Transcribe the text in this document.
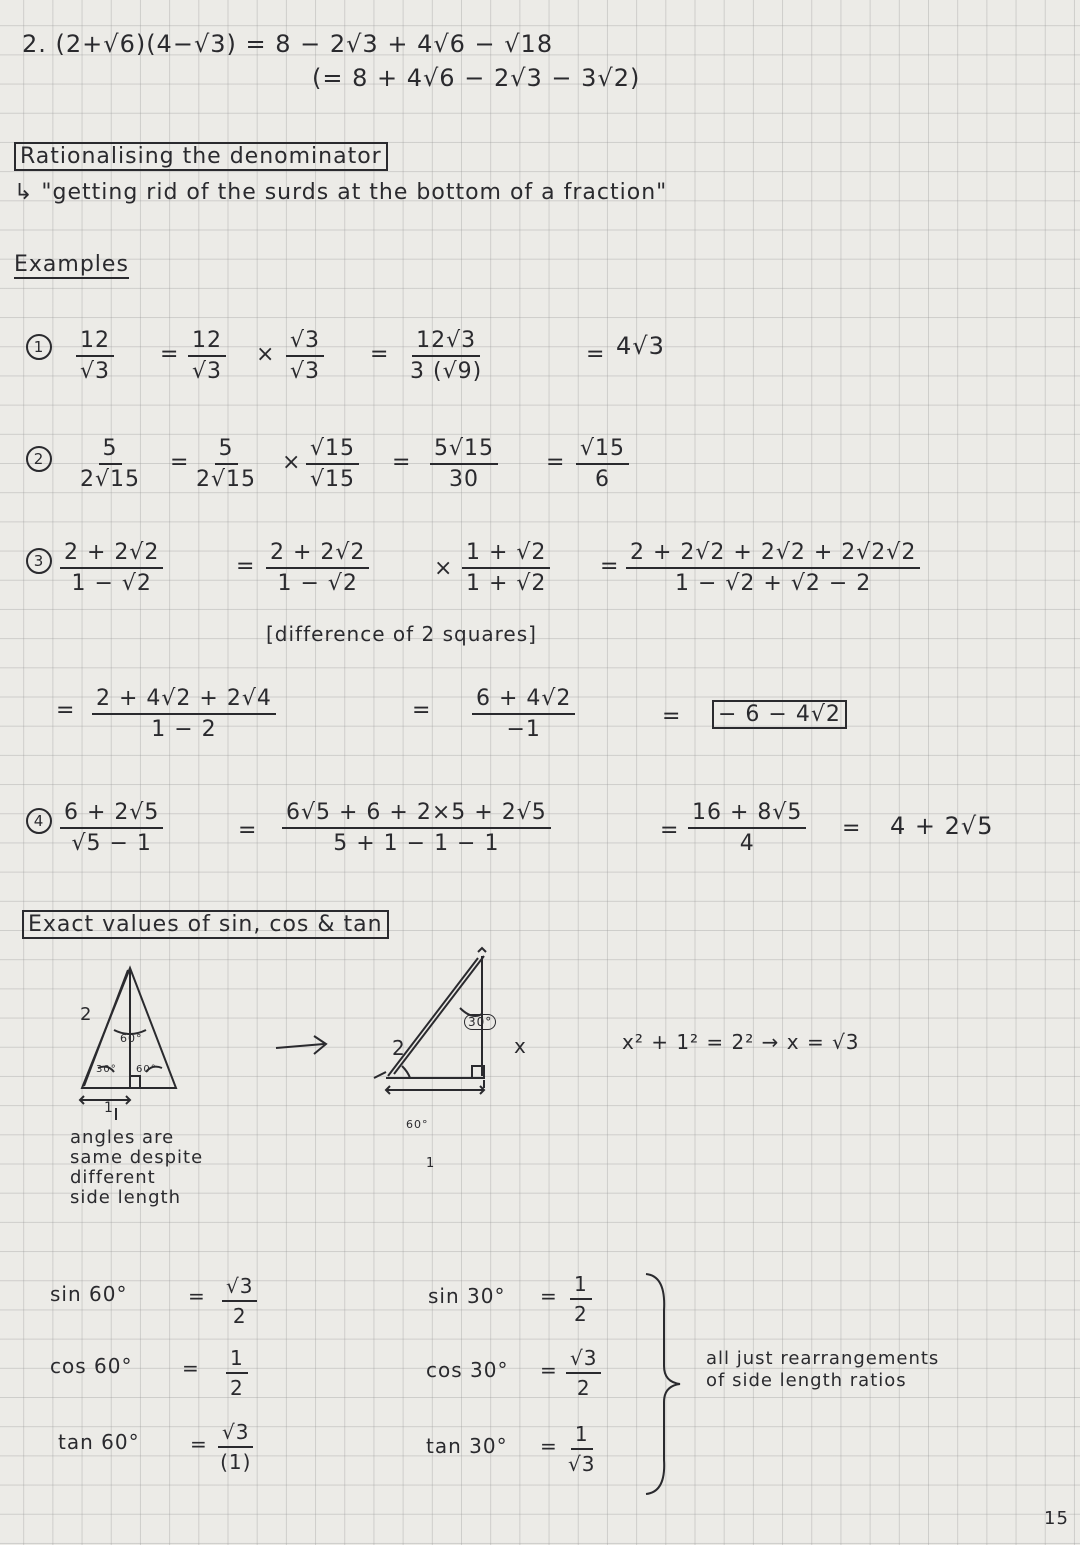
2. (2+√6)(4−√3) = 8 − 2√3 + 4√6 − √18
(= 8 + 4√6 − 2√3 − 3√2)
Rationalising the denominator
↳ "getting rid of the surds at the bottom of a fraction"
Examples
1	$\frac{12}{√3} = \frac{12}{√3} \times \frac{√3}{√3} = \frac{12√3}{3 (√9)}$	= 4√3
2	$\frac{5}{2√15} = \frac{5}{2√15} \times \frac{√15}{√15} = \frac{5√15}{30} = \frac{√15}{6}$
$3 \frac{2 + 2√2}{1 - √2}$	= $\frac{2 + 2√2}{1 - √2}$	× $\frac{1 + √2}{1 + √2} = \frac{2 + 2√2 + 2√2 + 2√2√2}{1 - √2 + √2 - 2}$
[difference of 2 squares]
= $\frac{2 + 4√2 + 2√4}{1 - 2}$	= $\frac{6 + 4√2}{-1}$	= − 6 − 4√2
$4 \frac{6 + 2√5}{√5 - 1}$	= $\frac{6√5 + 6 + 2\times 5 + 2√5}{5 + 1 - 1 - 1}$	= $\frac{16 + 8√5}{4} = 4 + 2√5$
Exact values of sin, cos & tan
2
60°
30° 60°
1
angles are
same despite
different
side length
2
30°
60°
x
1
x² + 1² = 2² → x = √3
sin 60°	= $\frac{√3}{2}$
$\cos 60^\circ = \frac{1}{2}$
tan 60°	= $\frac{√3}{(1)}$
$\sin 30^\circ = \frac{1}{2}$
$\cos 30^\circ = \frac{√3}{2}$
$\tan 30^\circ = \frac{1}{√3}$
all just rearrangements
of side length ratios
15
